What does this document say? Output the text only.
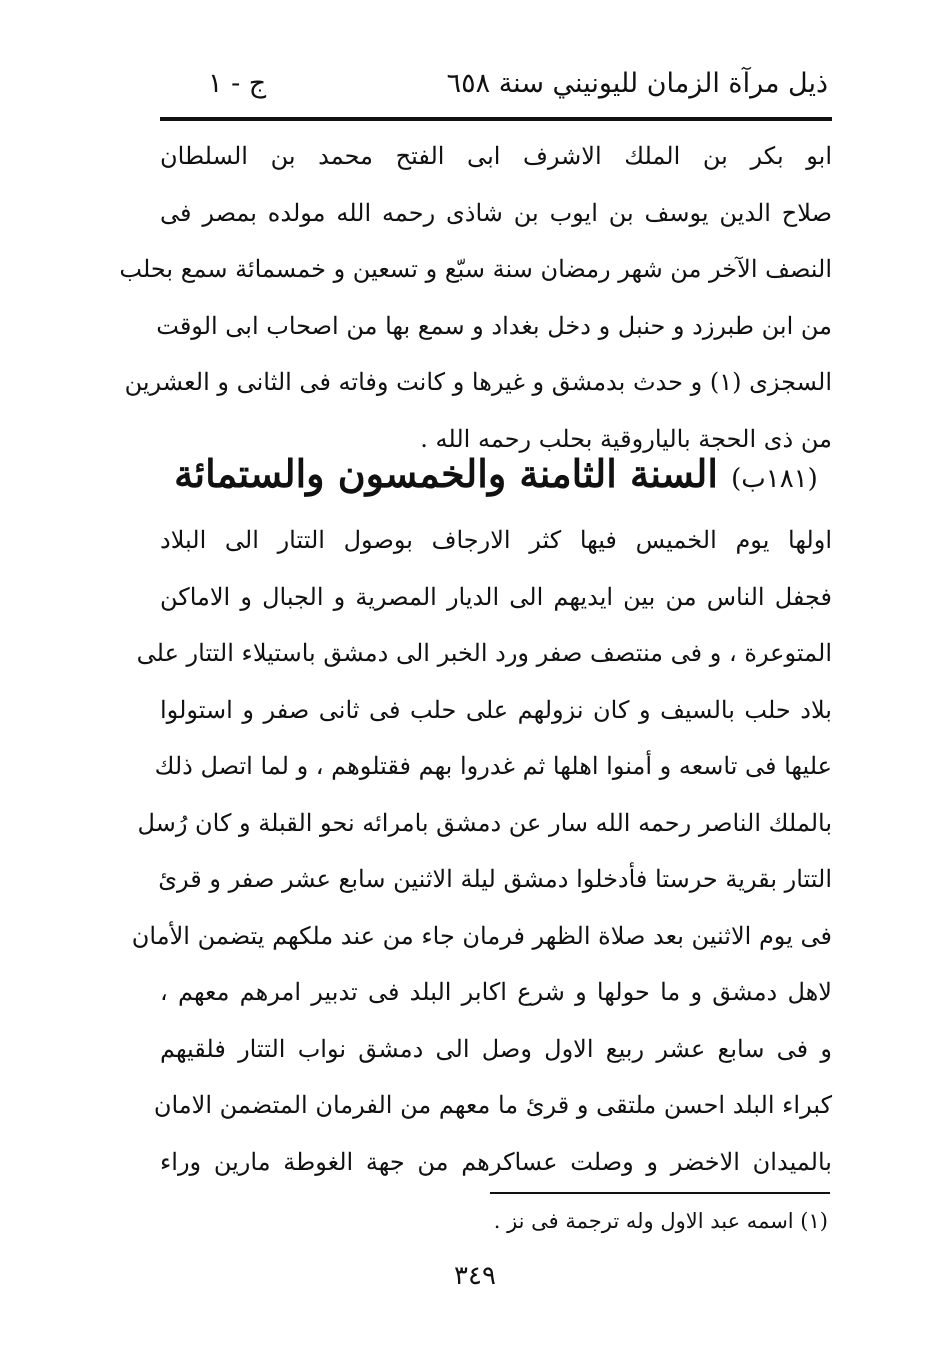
ذيل مرآة الزمان لليونيني سنة ٦٥٨
ج - ١
ابو بكر بن الملك الاشرف ابى الفتح محمد بن السلطان
صلاح الدين يوسف بن ايوب بن شاذى رحمه الله مولده بمصر فى
النصف الآخر من شهر رمضان سنة سبّع و تسعين و خمسمائة سمع بحلب
من ابن طبرزد و حنبل و دخل بغداد و سمع بها من اصحاب ابى الوقت
السجزى (١) و حدث بدمشق و غيرها و كانت وفاته فى الثانى و العشرين
من ذى الحجة بالياروقية بحلب رحمه الله .
(١٨١ب) السنة الثامنة والخمسون والستمائة
اولها يوم الخميس فيها كثر الارجاف بوصول التتار الى البلاد
فجفل الناس من بين ايديهم الى الديار المصرية و الجبال و الاماكن
المتوعرة ، و فى منتصف صفر ورد الخبر الى دمشق باستيلاء التتار على
بلاد حلب بالسيف و كان نزولهم على حلب فى ثانى صفر و استولوا
عليها فى تاسعه و أمنوا اهلها ثم غدروا بهم فقتلوهم ، و لما اتصل ذلك
بالملك الناصر رحمه الله سار عن دمشق بامرائه نحو القبلة و كان رُسل
التتار بقرية حرستا فأدخلوا دمشق ليلة الاثنين سابع عشر صفر و قرئ
فى يوم الاثنين بعد صلاة الظهر فرمان جاء من عند ملكهم يتضمن الأمان
لاهل دمشق و ما حولها و شرع اكابر البلد فى تدبير امرهم معهم ،
و فى سابع عشر ربيع الاول وصل الى دمشق نواب التتار فلقيهم
كبراء البلد احسن ملتقى و قرئ ما معهم من الفرمان المتضمن الامان
بالميدان الاخضر و وصلت عساكرهم من جهة الغوطة مارين وراء
(١) اسمه عبد الاول وله ترجمة فى نز .
٣٤٩
